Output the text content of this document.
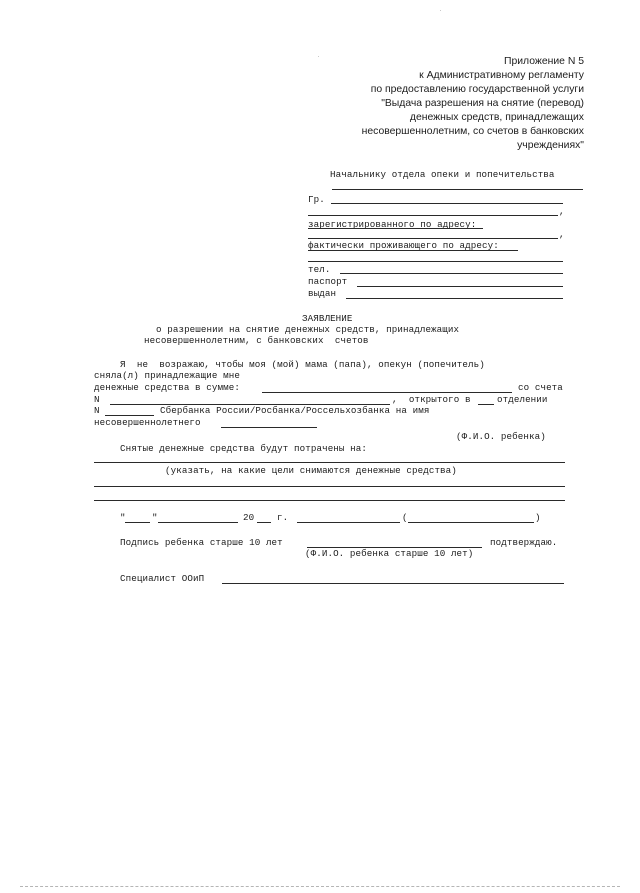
Приложение N 5
к Административному регламенту
по предоставлению государственной услуги
"Выдача разрешения на снятие (перевод)
денежных средств, принадлежащих
несовершеннолетним, со счетов в банковских
учреждениях"
Начальнику отдела опеки и попечительства
Гр.
,
зарегистрированного по адресу:
,
фактически проживающего по адресу:
тел.
паспорт
выдан
ЗАЯВЛЕНИЕ
о разрешении на снятие денежных средств, принадлежащих
несовершеннолетним, с банковских  счетов
Я  не  возражаю, чтобы моя (мой) мама (папа), опекун (попечитель)
сняла(л) принадлежащие мне
денежные средства в сумме:	со счета
N	,  открытого в	отделении
N	Сбербанка России/Росбанка/Россельхозбанка на имя
несовершеннолетнего
(Ф.И.О. ребенка)
Снятые денежные средства будут потрачены на:
(указать, на какие цели снимаются денежные средства)
"	"	20 г.	(	)
Подпись ребенка старше 10 лет	подтверждаю.
(Ф.И.О. ребенка старше 10 лет)
Специалист ООиП
